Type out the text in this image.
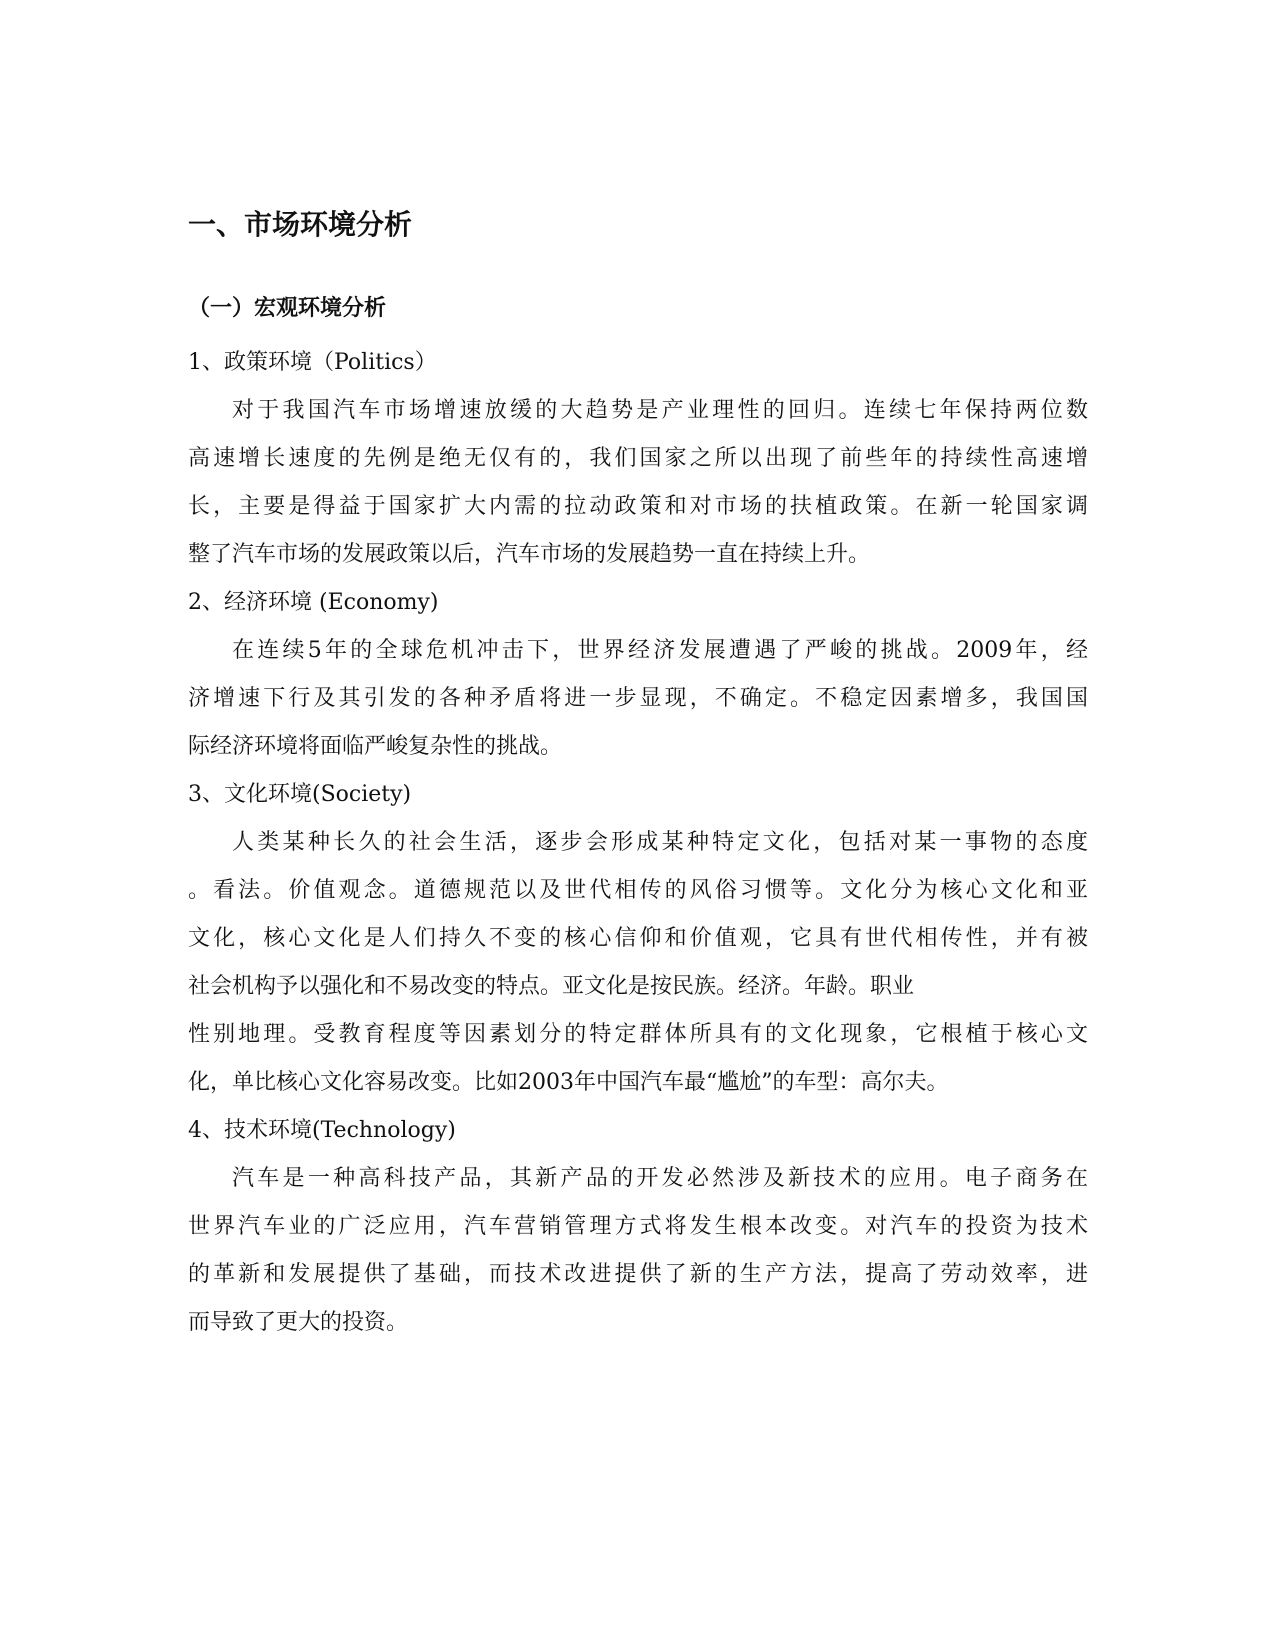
一、市场环境分析
（一）宏观环境分析
1、政策环境（Politics）
对于我国汽车市场增速放缓的大趋势是产业理性的回归。连续七年保持两位数
高速增长速度的先例是绝无仅有的，我们国家之所以出现了前些年的持续性高速增
长，主要是得益于国家扩大内需的拉动政策和对市场的扶植政策。在新一轮国家调
整了汽车市场的发展政策以后，汽车市场的发展趋势一直在持续上升。
2、经济环境 (Economy)
在连续5年的全球危机冲击下，世界经济发展遭遇了严峻的挑战。2009年，经
济增速下行及其引发的各种矛盾将进一步显现，不确定。不稳定因素增多，我国国
际经济环境将面临严峻复杂性的挑战。
3、文化环境(Society)
人类某种长久的社会生活，逐步会形成某种特定文化，包括对某一事物的态度
。看法。价值观念。道德规范以及世代相传的风俗习惯等。文化分为核心文化和亚
文化，核心文化是人们持久不变的核心信仰和价值观，它具有世代相传性，并有被
社会机构予以强化和不易改变的特点。亚文化是按民族。经济。年龄。职业
性别地理。受教育程度等因素划分的特定群体所具有的文化现象，它根植于核心文
化，单比核心文化容易改变。比如2003年中国汽车最“尴尬”的车型：高尔夫。
4、技术环境(Technology)
汽车是一种高科技产品，其新产品的开发必然涉及新技术的应用。电子商务在
世界汽车业的广泛应用，汽车营销管理方式将发生根本改变。对汽车的投资为技术
的革新和发展提供了基础，而技术改进提供了新的生产方法，提高了劳动效率，进
而导致了更大的投资。
